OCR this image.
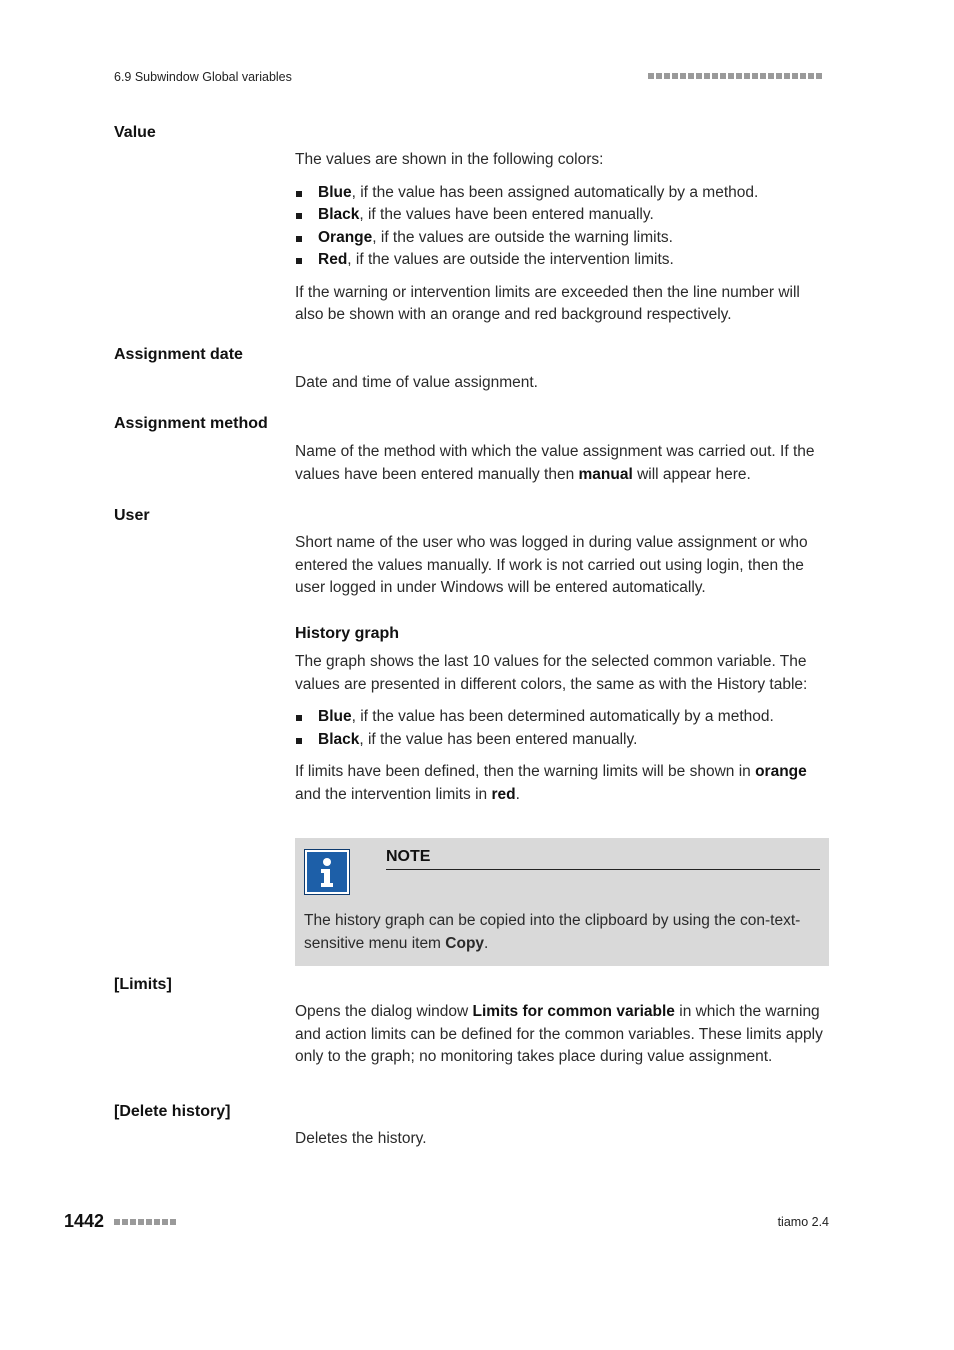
6.9 Subwindow Global variables
Value

The values are shown in the following colors:

Blue, if the value has been assigned automatically by a method.
Black, if the values have been entered manually.
Orange, if the values are outside the warning limits.
Red, if the values are outside the intervention limits.

If the warning or intervention limits are exceeded then the line number will also be shown with an orange and red background respectively.

Assignment date
Date and time of value assignment.
Assignment method
Name of the method with which the value assignment was carried out. If the values have been entered manually then manual will appear here.
User
Short name of the user who was logged in during value assignment or who entered the values manually. If work is not carried out using login, then the user logged in under Windows will be entered automatically.
History graph

The graph shows the last 10 values for the selected common variable. The values are presented in different colors, the same as with the History table:

Blue, if the value has been determined automatically by a method.
Black, if the value has been entered manually.

If limits have been defined, then the warning limits will be shown in orange and the intervention limits in red.

NOTE
The history graph can be copied into the clipboard by using the con-text-sensitive menu item Copy.
[Limits]
Opens the dialog window Limits for common variable in which the warning and action limits can be defined for the common variables. These limits apply only to the graph; no monitoring takes place during value assignment.
[Delete history]
Deletes the history.
1442	tiamo 2.4
